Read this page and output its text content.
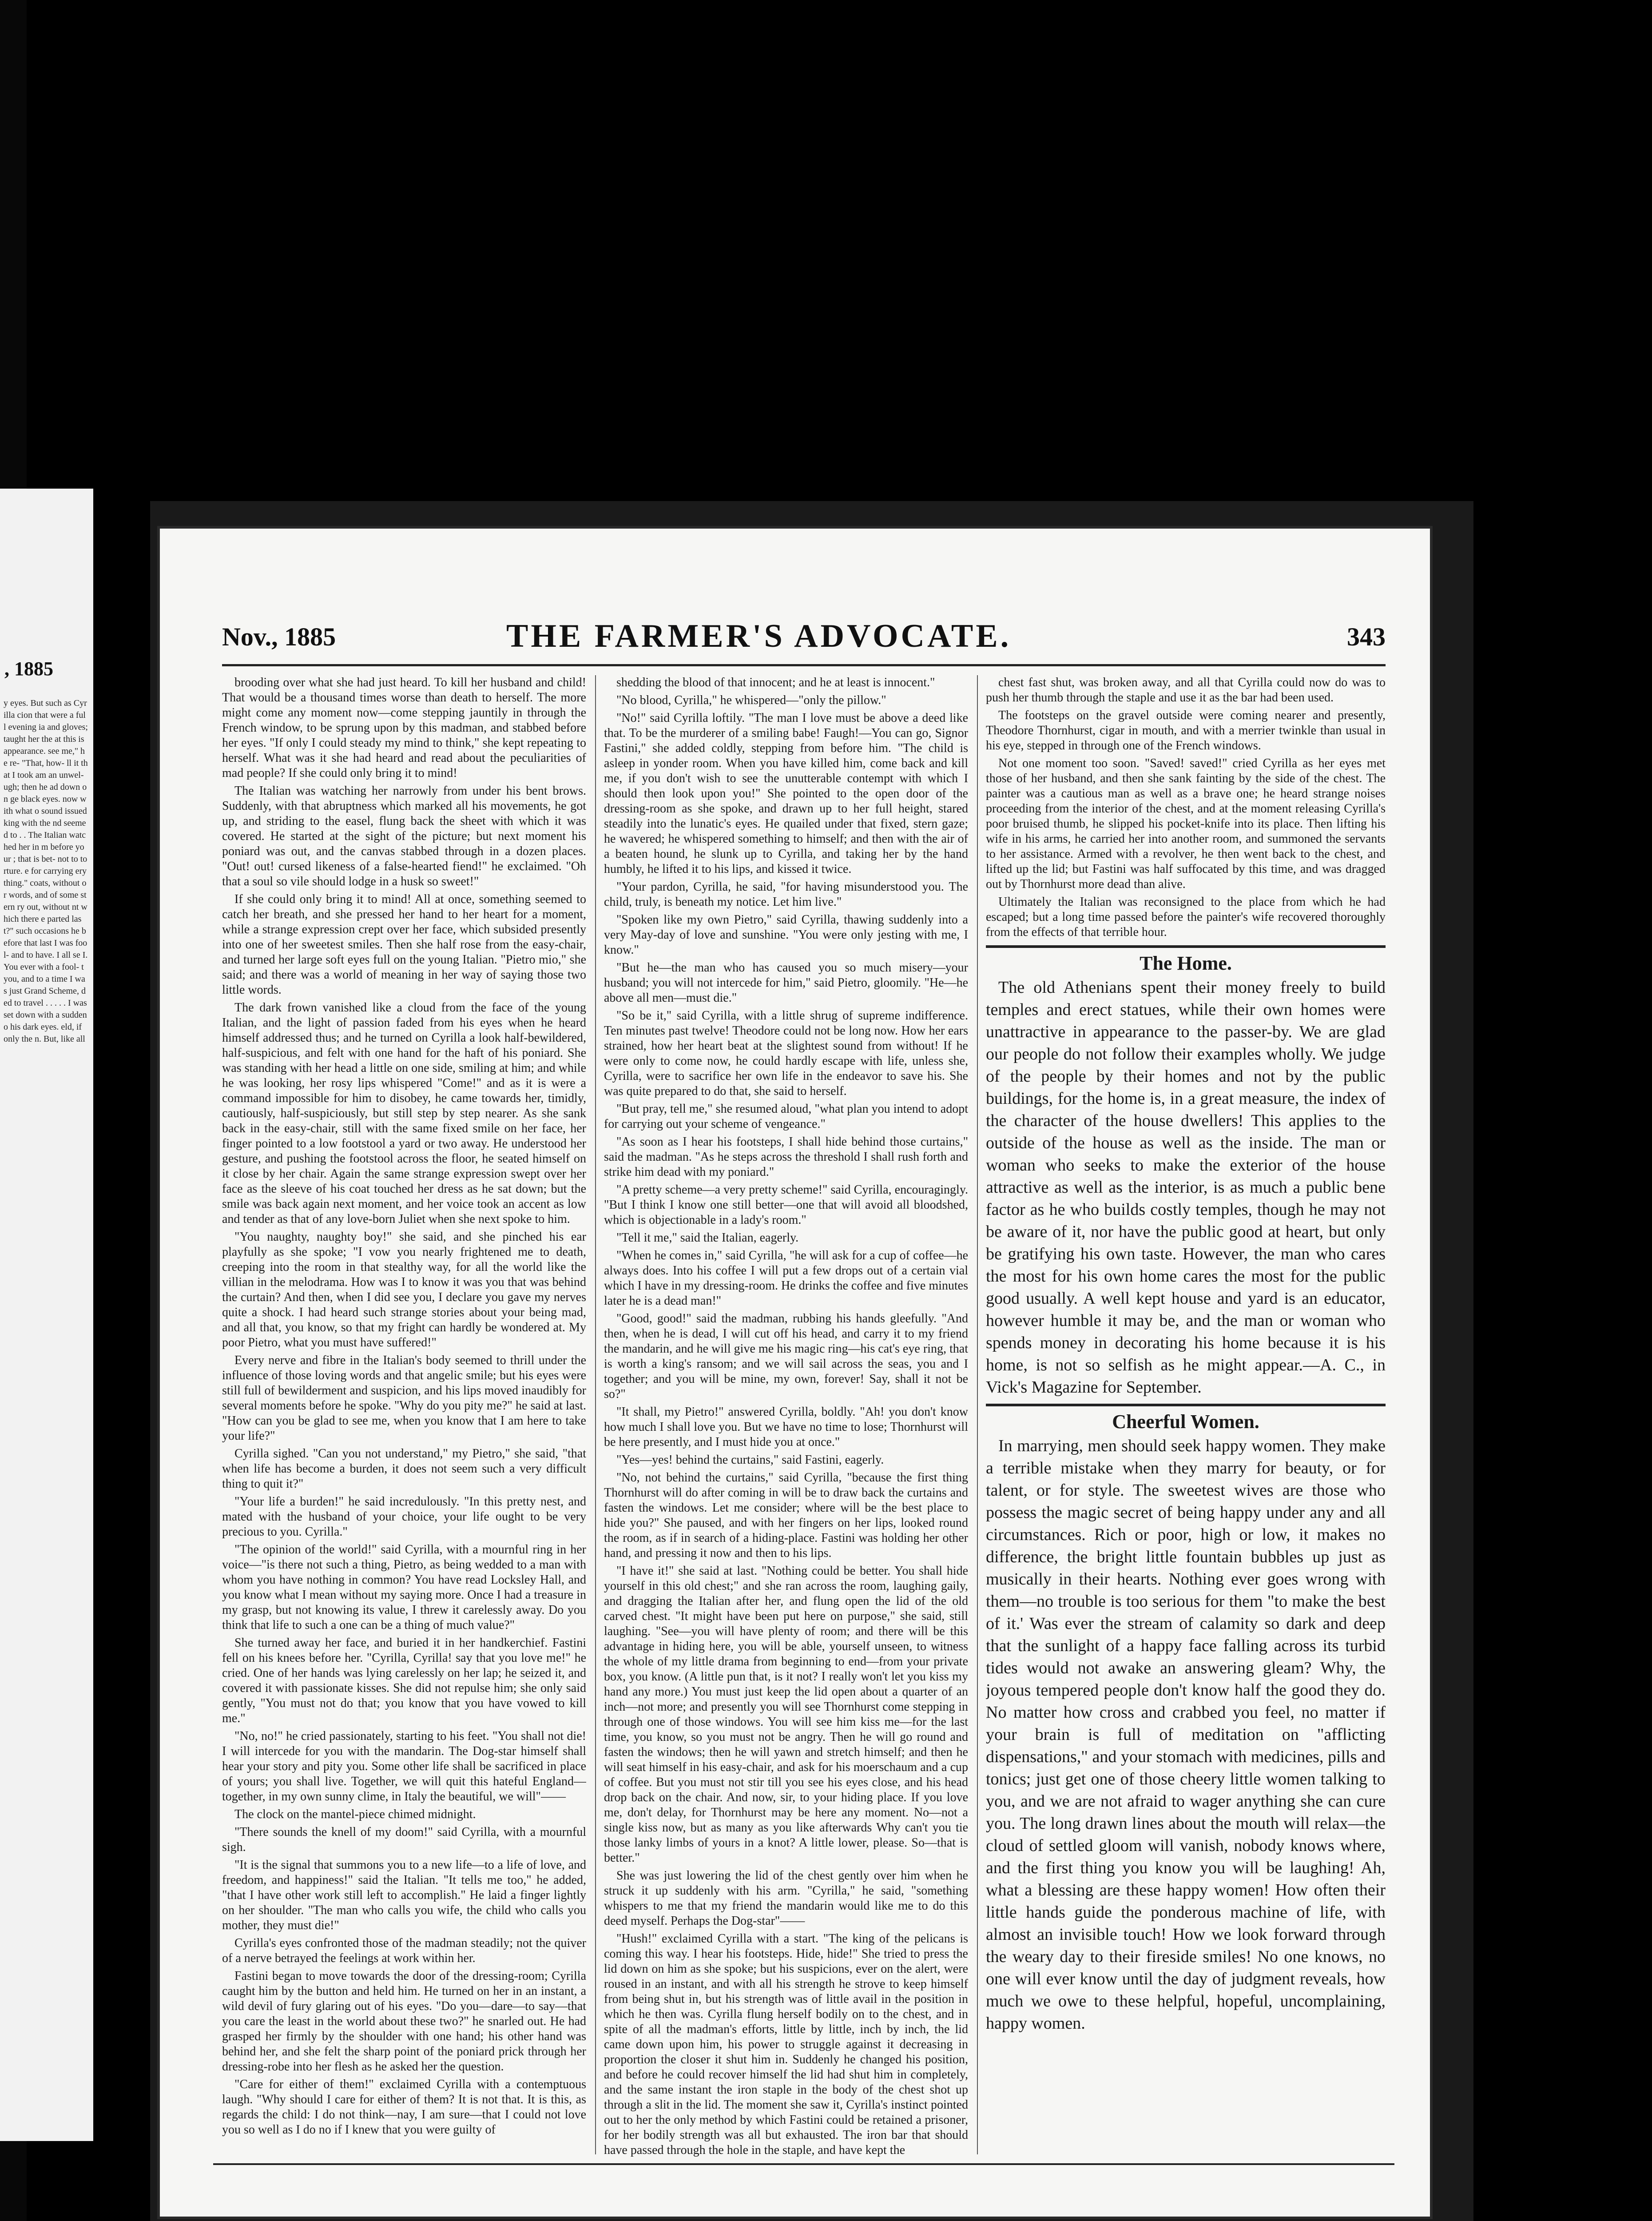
, 1885
y eyes. But such as Cyrilla cion that were a full evening ia and gloves; taught her the at this is appearance. see me," he re- "That, how- ll it that I took am an unwel- ugh; then he ad down on ge black eyes. now with what o sound issued king with the nd seemed to . . The Italian watched her in m before your ; that is bet- not to torture. e for carrying erything." coats, without or words, and of some stern ry out, without nt which there e parted last?" such occasions he before that last I was fool- and to have. I all se I. You ever with a fool- t you, and to a time I was just Grand Scheme, ded to travel . . . . . I was set down with a sudden o his dark eyes. eld, if only the n. But, like all
Nov., 1885	THE FARMER'S ADVOCATE.	343

brooding over what she had just heard. To kill her husband and child! That would be a thousand times worse than death to herself. The more might come any moment now—come stepping jauntily in through the French window, to be sprung upon by this madman, and stabbed before her eyes. "If only I could steady my mind to think," she kept repeating to herself. What was it she had heard and read about the peculiarities of mad people? If she could only bring it to mind!

The Italian was watching her narrowly from under his bent brows. Suddenly, with that abruptness which marked all his movements, he got up, and striding to the easel, flung back the sheet with which it was covered. He started at the sight of the picture; but next moment his poniard was out, and the canvas stabbed through in a dozen places. "Out! out! cursed likeness of a false-hearted fiend!" he exclaimed. "Oh that a soul so vile should lodge in a husk so sweet!"

If she could only bring it to mind! All at once, something seemed to catch her breath, and she pressed her hand to her heart for a moment, while a strange expression crept over her face, which subsided presently into one of her sweetest smiles. Then she half rose from the easy-chair, and turned her large soft eyes full on the young Italian. "Pietro mio," she said; and there was a world of meaning in her way of saying those two little words.

The dark frown vanished like a cloud from the face of the young Italian, and the light of passion faded from his eyes when he heard himself addressed thus; and he turned on Cyrilla a look half-bewildered, half-suspicious, and felt with one hand for the haft of his poniard. She was standing with her head a little on one side, smiling at him; and while he was looking, her rosy lips whispered "Come!" and as it is were a command impossible for him to disobey, he came towards her, timidly, cautiously, half-suspiciously, but still step by step nearer. As she sank back in the easy-chair, still with the same fixed smile on her face, her finger pointed to a low footstool a yard or two away. He understood her gesture, and pushing the footstool across the floor, he seated himself on it close by her chair. Again the same strange expression swept over her face as the sleeve of his coat touched her dress as he sat down; but the smile was back again next moment, and her voice took an accent as low and tender as that of any love-born Juliet when she next spoke to him.

"You naughty, naughty boy!" she said, and she pinched his ear playfully as she spoke; "I vow you nearly frightened me to death, creeping into the room in that stealthy way, for all the world like the villian in the melodrama. How was I to know it was you that was behind the curtain? And then, when I did see you, I declare you gave my nerves quite a shock. I had heard such strange stories about your being mad, and all that, you know, so that my fright can hardly be wondered at. My poor Pietro, what you must have suffered!"

Every nerve and fibre in the Italian's body seemed to thrill under the influence of those loving words and that angelic smile; but his eyes were still full of bewilderment and suspicion, and his lips moved inaudibly for several moments before he spoke. "Why do you pity me?" he said at last. "How can you be glad to see me, when you know that I am here to take your life?"

Cyrilla sighed. "Can you not understand," my Pietro," she said, "that when life has become a burden, it does not seem such a very difficult thing to quit it?"

"Your life a burden!" he said incredulously. "In this pretty nest, and mated with the husband of your choice, your life ought to be very precious to you. Cyrilla."

"The opinion of the world!" said Cyrilla, with a mournful ring in her voice—"is there not such a thing, Pietro, as being wedded to a man with whom you have nothing in common? You have read Locksley Hall, and you know what I mean without my saying more. Once I had a treasure in my grasp, but not knowing its value, I threw it carelessly away. Do you think that life to such a one can be a thing of much value?"

She turned away her face, and buried it in her handkerchief. Fastini fell on his knees before her. "Cyrilla, Cyrilla! say that you love me!" he cried. One of her hands was lying carelessly on her lap; he seized it, and covered it with passionate kisses. She did not repulse him; she only said gently, "You must not do that; you know that you have vowed to kill me."

"No, no!" he cried passionately, starting to his feet. "You shall not die! I will intercede for you with the mandarin. The Dog-star himself shall hear your story and pity you. Some other life shall be sacrificed in place of yours; you shall live. Together, we will quit this hateful England—together, in my own sunny clime, in Italy the beautiful, we will"——

The clock on the mantel-piece chimed midnight.

"There sounds the knell of my doom!" said Cyrilla, with a mournful sigh.

"It is the signal that summons you to a new life—to a life of love, and freedom, and happiness!" said the Italian. "It tells me too," he added, "that I have other work still left to accomplish." He laid a finger lightly on her shoulder. "The man who calls you wife, the child who calls you mother, they must die!"

Cyrilla's eyes confronted those of the madman steadily; not the quiver of a nerve betrayed the feelings at work within her.

Fastini began to move towards the door of the dressing-room; Cyrilla caught him by the button and held him. He turned on her in an instant, a wild devil of fury glaring out of his eyes. "Do you—dare—to say—that you care the least in the world about these two?" he snarled out. He had grasped her firmly by the shoulder with one hand; his other hand was behind her, and she felt the sharp point of the poniard prick through her dressing-robe into her flesh as he asked her the question.

"Care for either of them!" exclaimed Cyrilla with a contemptuous laugh. "Why should I care for either of them? It is not that. It is this, as regards the child: I do not think—nay, I am sure—that I could not love you so well as I do no if I knew that you were guilty of

shedding the blood of that innocent; and he at least is innocent."

"No blood, Cyrilla," he whispered—"only the pillow."

"No!" said Cyrilla loftily. "The man I love must be above a deed like that. To be the murderer of a smiling babe! Faugh!—You can go, Signor Fastini," she added coldly, stepping from before him. "The child is asleep in yonder room. When you have killed him, come back and kill me, if you don't wish to see the unutterable contempt with which I should then look upon you!" She pointed to the open door of the dressing-room as she spoke, and drawn up to her full height, stared steadily into the lunatic's eyes. He quailed under that fixed, stern gaze; he wavered; he whispered something to himself; and then with the air of a beaten hound, he slunk up to Cyrilla, and taking her by the hand humbly, he lifted it to his lips, and kissed it twice.

"Your pardon, Cyrilla, he said, "for having misunderstood you. The child, truly, is beneath my notice. Let him live."

"Spoken like my own Pietro," said Cyrilla, thawing suddenly into a very May-day of love and sunshine. "You were only jesting with me, I know."

"But he—the man who has caused you so much misery—your husband; you will not intercede for him," said Pietro, gloomily. "He—he above all men—must die."

"So be it," said Cyrilla, with a little shrug of supreme indifference. Ten minutes past twelve! Theodore could not be long now. How her ears strained, how her heart beat at the slightest sound from without! If he were only to come now, he could hardly escape with life, unless she, Cyrilla, were to sacrifice her own life in the endeavor to save his. She was quite prepared to do that, she said to herself.

"But pray, tell me," she resumed aloud, "what plan you intend to adopt for carrying out your scheme of vengeance."

"As soon as I hear his footsteps, I shall hide behind those curtains," said the madman. "As he steps across the threshold I shall rush forth and strike him dead with my poniard."

"A pretty scheme—a very pretty scheme!" said Cyrilla, encouragingly. "But I think I know one still better—one that will avoid all bloodshed, which is objectionable in a lady's room."

"Tell it me," said the Italian, eagerly.

"When he comes in," said Cyrilla, "he will ask for a cup of coffee—he always does. Into his coffee I will put a few drops out of a certain vial which I have in my dressing-room. He drinks the coffee and five minutes later he is a dead man!"

"Good, good!" said the madman, rubbing his hands gleefully. "And then, when he is dead, I will cut off his head, and carry it to my friend the mandarin, and he will give me his magic ring—his cat's eye ring, that is worth a king's ransom; and we will sail across the seas, you and I together; and you will be mine, my own, forever! Say, shall it not be so?"

"It shall, my Pietro!" answered Cyrilla, boldly. "Ah! you don't know how much I shall love you. But we have no time to lose; Thornhurst will be here presently, and I must hide you at once."

"Yes—yes! behind the curtains," said Fastini, eagerly.

"No, not behind the curtains," said Cyrilla, "because the first thing Thornhurst will do after coming in will be to draw back the curtains and fasten the windows. Let me consider; where will be the best place to hide you?" She paused, and with her fingers on her lips, looked round the room, as if in search of a hiding-place. Fastini was holding her other hand, and pressing it now and then to his lips.

"I have it!" she said at last. "Nothing could be better. You shall hide yourself in this old chest;" and she ran across the room, laughing gaily, and dragging the Italian after her, and flung open the lid of the old carved chest. "It might have been put here on purpose," she said, still laughing. "See—you will have plenty of room; and there will be this advantage in hiding here, you will be able, yourself unseen, to witness the whole of my little drama from beginning to end—from your private box, you know. (A little pun that, is it not? I really won't let you kiss my hand any more.) You must just keep the lid open about a quarter of an inch—not more; and presently you will see Thornhurst come stepping in through one of those windows. You will see him kiss me—for the last time, you know, so you must not be angry. Then he will go round and fasten the windows; then he will yawn and stretch himself; and then he will seat himself in his easy-chair, and ask for his moerschaum and a cup of coffee. But you must not stir till you see his eyes close, and his head drop back on the chair. And now, sir, to your hiding place. If you love me, don't delay, for Thornhurst may be here any moment. No—not a single kiss now, but as many as you like afterwards Why can't you tie those lanky limbs of yours in a knot? A little lower, please. So—that is better."

She was just lowering the lid of the chest gently over him when he struck it up suddenly with his arm. "Cyrilla," he said, "something whispers to me that my friend the mandarin would like me to do this deed myself. Perhaps the Dog-star"——

"Hush!" exclaimed Cyrilla with a start. "The king of the pelicans is coming this way. I hear his footsteps. Hide, hide!" She tried to press the lid down on him as she spoke; but his suspicions, ever on the alert, were roused in an instant, and with all his strength he strove to keep himself from being shut in, but his strength was of little avail in the position in which he then was. Cyrilla flung herself bodily on to the chest, and in spite of all the madman's efforts, little by little, inch by inch, the lid came down upon him, his power to struggle against it decreasing in proportion the closer it shut him in. Suddenly he changed his position, and before he could recover himself the lid had shut him in completely, and the same instant the iron staple in the body of the chest shot up through a slit in the lid. The moment she saw it, Cyrilla's instinct pointed out to her the only method by which Fastini could be retained a prisoner, for her bodily strength was all but exhausted. The iron bar that should have passed through the hole in the staple, and have kept the

chest fast shut, was broken away, and all that Cyrilla could now do was to push her thumb through the staple and use it as the bar had been used.

The footsteps on the gravel outside were coming nearer and presently, Theodore Thornhurst, cigar in mouth, and with a merrier twinkle than usual in his eye, stepped in through one of the French windows.

Not one moment too soon. "Saved! saved!" cried Cyrilla as her eyes met those of her husband, and then she sank fainting by the side of the chest. The painter was a cautious man as well as a brave one; he heard strange noises proceeding from the interior of the chest, and at the moment releasing Cyrilla's poor bruised thumb, he slipped his pocket-knife into its place. Then lifting his wife in his arms, he carried her into another room, and summoned the servants to her assistance. Armed with a revolver, he then went back to the chest, and lifted up the lid; but Fastini was half suffocated by this time, and was dragged out by Thornhurst more dead than alive.

Ultimately the Italian was reconsigned to the place from which he had escaped; but a long time passed before the painter's wife recovered thoroughly from the effects of that terrible hour.

The Home.

The old Athenians spent their money freely to build temples and erect statues, while their own homes were unattractive in appearance to the passer-by. We are glad our people do not follow their examples wholly. We judge of the people by their homes and not by the public buildings, for the home is, in a great measure, the index of the character of the house dwellers! This applies to the outside of the house as well as the inside. The man or woman who seeks to make the exterior of the house attractive as well as the interior, is as much a public bene factor as he who builds costly temples, though he may not be aware of it, nor have the public good at heart, but only be gratifying his own taste. However, the man who cares the most for his own home cares the most for the public good usually. A well kept house and yard is an educator, however humble it may be, and the man or woman who spends money in decorating his home because it is his home, is not so selfish as he might appear.—A. C., in Vick's Magazine for September.

Cheerful Women.

In marrying, men should seek happy women. They make a terrible mistake when they marry for beauty, or for talent, or for style. The sweetest wives are those who possess the magic secret of being happy under any and all circumstances. Rich or poor, high or low, it makes no difference, the bright little fountain bubbles up just as musically in their hearts. Nothing ever goes wrong with them—no trouble is too serious for them "to make the best of it.' Was ever the stream of calamity so dark and deep that the sunlight of a happy face falling across its turbid tides would not awake an answering gleam? Why, the joyous tempered people don't know half the good they do. No matter how cross and crabbed you feel, no matter if your brain is full of meditation on "afflicting dispensations," and your stomach with medicines, pills and tonics; just get one of those cheery little women talking to you, and we are not afraid to wager anything she can cure you. The long drawn lines about the mouth will relax—the cloud of settled gloom will vanish, nobody knows where, and the first thing you know you will be laughing! Ah, what a blessing are these happy women! How often their little hands guide the ponderous machine of life, with almost an invisible touch! How we look forward through the weary day to their fireside smiles! No one knows, no one will ever know until the day of judgment reveals, how much we owe to these helpful, hopeful, uncomplaining, happy women.
